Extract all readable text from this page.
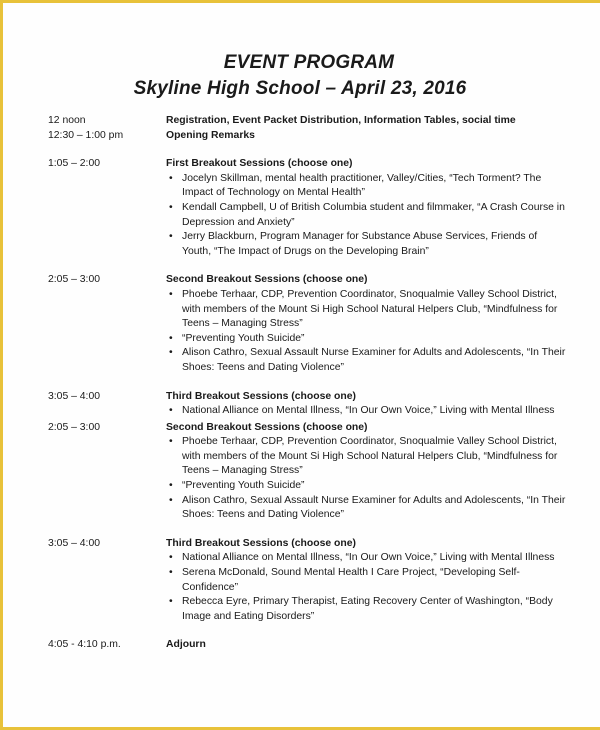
EVENT PROGRAM
Skyline High School – April 23, 2016
12 noon	Registration, Event Packet Distribution, Information Tables, social time
12:30 – 1:00 pm	Opening Remarks
1:05 – 2:00	First Breakout Sessions (choose one)
• Jocelyn Skillman, mental health practitioner, Valley/Cities, “Tech Torment? The Impact of Technology on Mental Health”
• Kendall Campbell, U of British Columbia student and filmmaker, “A Crash Course in Depression and Anxiety”
• Jerry Blackburn, Program Manager for Substance Abuse Services, Friends of Youth, “The Impact of Drugs on the Developing Brain”
2:05 – 3:00	Second Breakout Sessions (choose one)
• Phoebe Terhaar, CDP, Prevention Coordinator, Snoqualmie Valley School District, with members of the Mount Si High School Natural Helpers Club, “Mindfulness for Teens – Managing Stress”
• “Preventing Youth Suicide”
• Alison Cathro, Sexual Assault Nurse Examiner for Adults and Adolescents, “In Their Shoes: Teens and Dating Violence”
3:05 – 4:00	Third Breakout Sessions (choose one)
• National Alliance on Mental Illness, “In Our Own Voice,” Living with Mental Illness
2:05 – 3:00	Second Breakout Sessions (choose one)
• Phoebe Terhaar, CDP, Prevention Coordinator, Snoqualmie Valley School District, with members of the Mount Si High School Natural Helpers Club, “Mindfulness for Teens – Managing Stress”
• “Preventing Youth Suicide”
• Alison Cathro, Sexual Assault Nurse Examiner for Adults and Adolescents, “In Their Shoes: Teens and Dating Violence”
3:05 – 4:00	Third Breakout Sessions (choose one)
• National Alliance on Mental Illness, “In Our Own Voice,” Living with Mental Illness
• Serena McDonald, Sound Mental Health I Care Project, “Developing Self-Confidence”
• Rebecca Eyre, Primary Therapist, Eating Recovery Center of Washington, “Body Image and Eating Disorders”
4:05 - 4:10 p.m.	Adjourn
